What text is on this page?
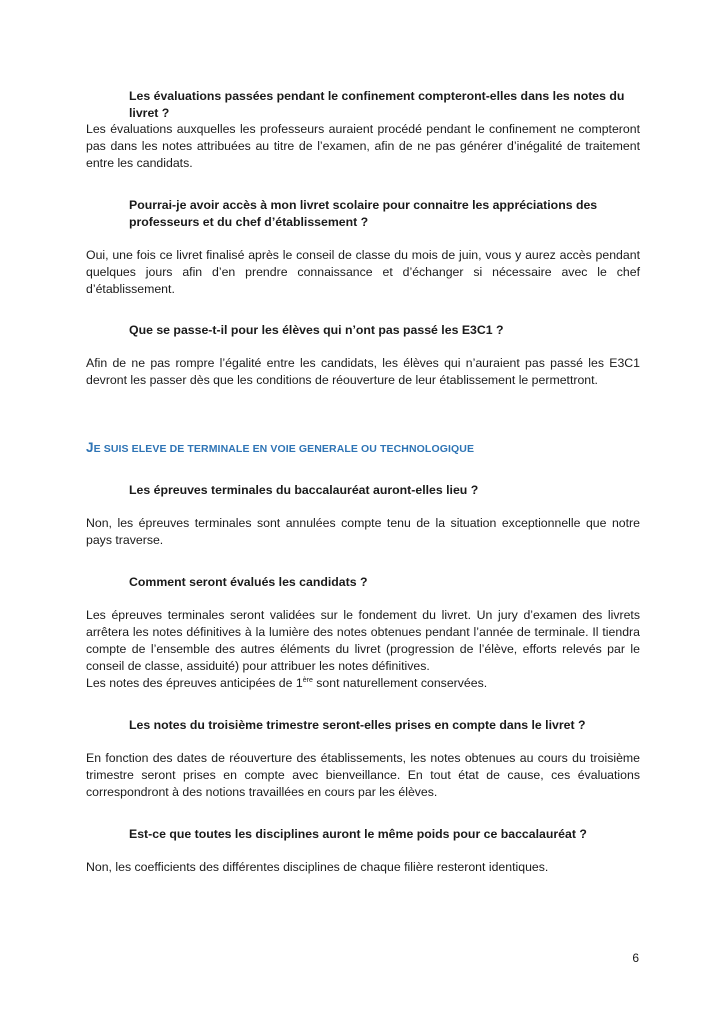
Les évaluations passées pendant le confinement compteront-elles dans les notes du livret ?

Les évaluations auxquelles les professeurs auraient procédé pendant le confinement ne compteront pas dans les notes attribuées au titre de l’examen, afin de ne pas générer d’inégalité de traitement entre les candidats.

Pourrai-je avoir accès à mon livret scolaire pour connaitre les appréciations des professeurs et du chef d’établissement ?

Oui, une fois ce livret finalisé après le conseil de classe du mois de juin, vous y aurez accès pendant quelques jours afin d’en prendre connaissance et d’échanger si nécessaire avec le chef d’établissement.

Que se passe-t-il pour les élèves qui n’ont pas passé les E3C1 ?

Afin de ne pas rompre l’égalité entre les candidats, les élèves qui n’auraient pas passé les E3C1 devront les passer dès que les conditions de réouverture de leur établissement le permettront.

JE SUIS ELEVE DE TERMINALE EN VOIE GENERALE OU TECHNOLOGIQUE

Les épreuves terminales du baccalauréat auront-elles lieu ?

Non, les épreuves terminales sont annulées compte tenu de la situation exceptionnelle que notre pays traverse.

Comment seront évalués les candidats ?

Les épreuves terminales seront validées sur le fondement du livret. Un jury d’examen des livrets arrêtera les notes définitives à la lumière des notes obtenues pendant l’année de terminale. Il tiendra compte de l’ensemble des autres éléments du livret (progression de l’élève, efforts relevés par le conseil de classe, assiduité) pour attribuer les notes définitives.

Les notes des épreuves anticipées de 1ère sont naturellement conservées.

Les notes du troisième trimestre seront-elles prises en compte dans le livret ?

En fonction des dates de réouverture des établissements, les notes obtenues au cours du troisième trimestre seront prises en compte avec bienveillance. En tout état de cause, ces évaluations correspondront à des notions travaillées en cours par les élèves.

Est-ce que toutes les disciplines auront le même poids pour ce baccalauréat ?

Non, les coefficients des différentes disciplines de chaque filière resteront identiques.

6
